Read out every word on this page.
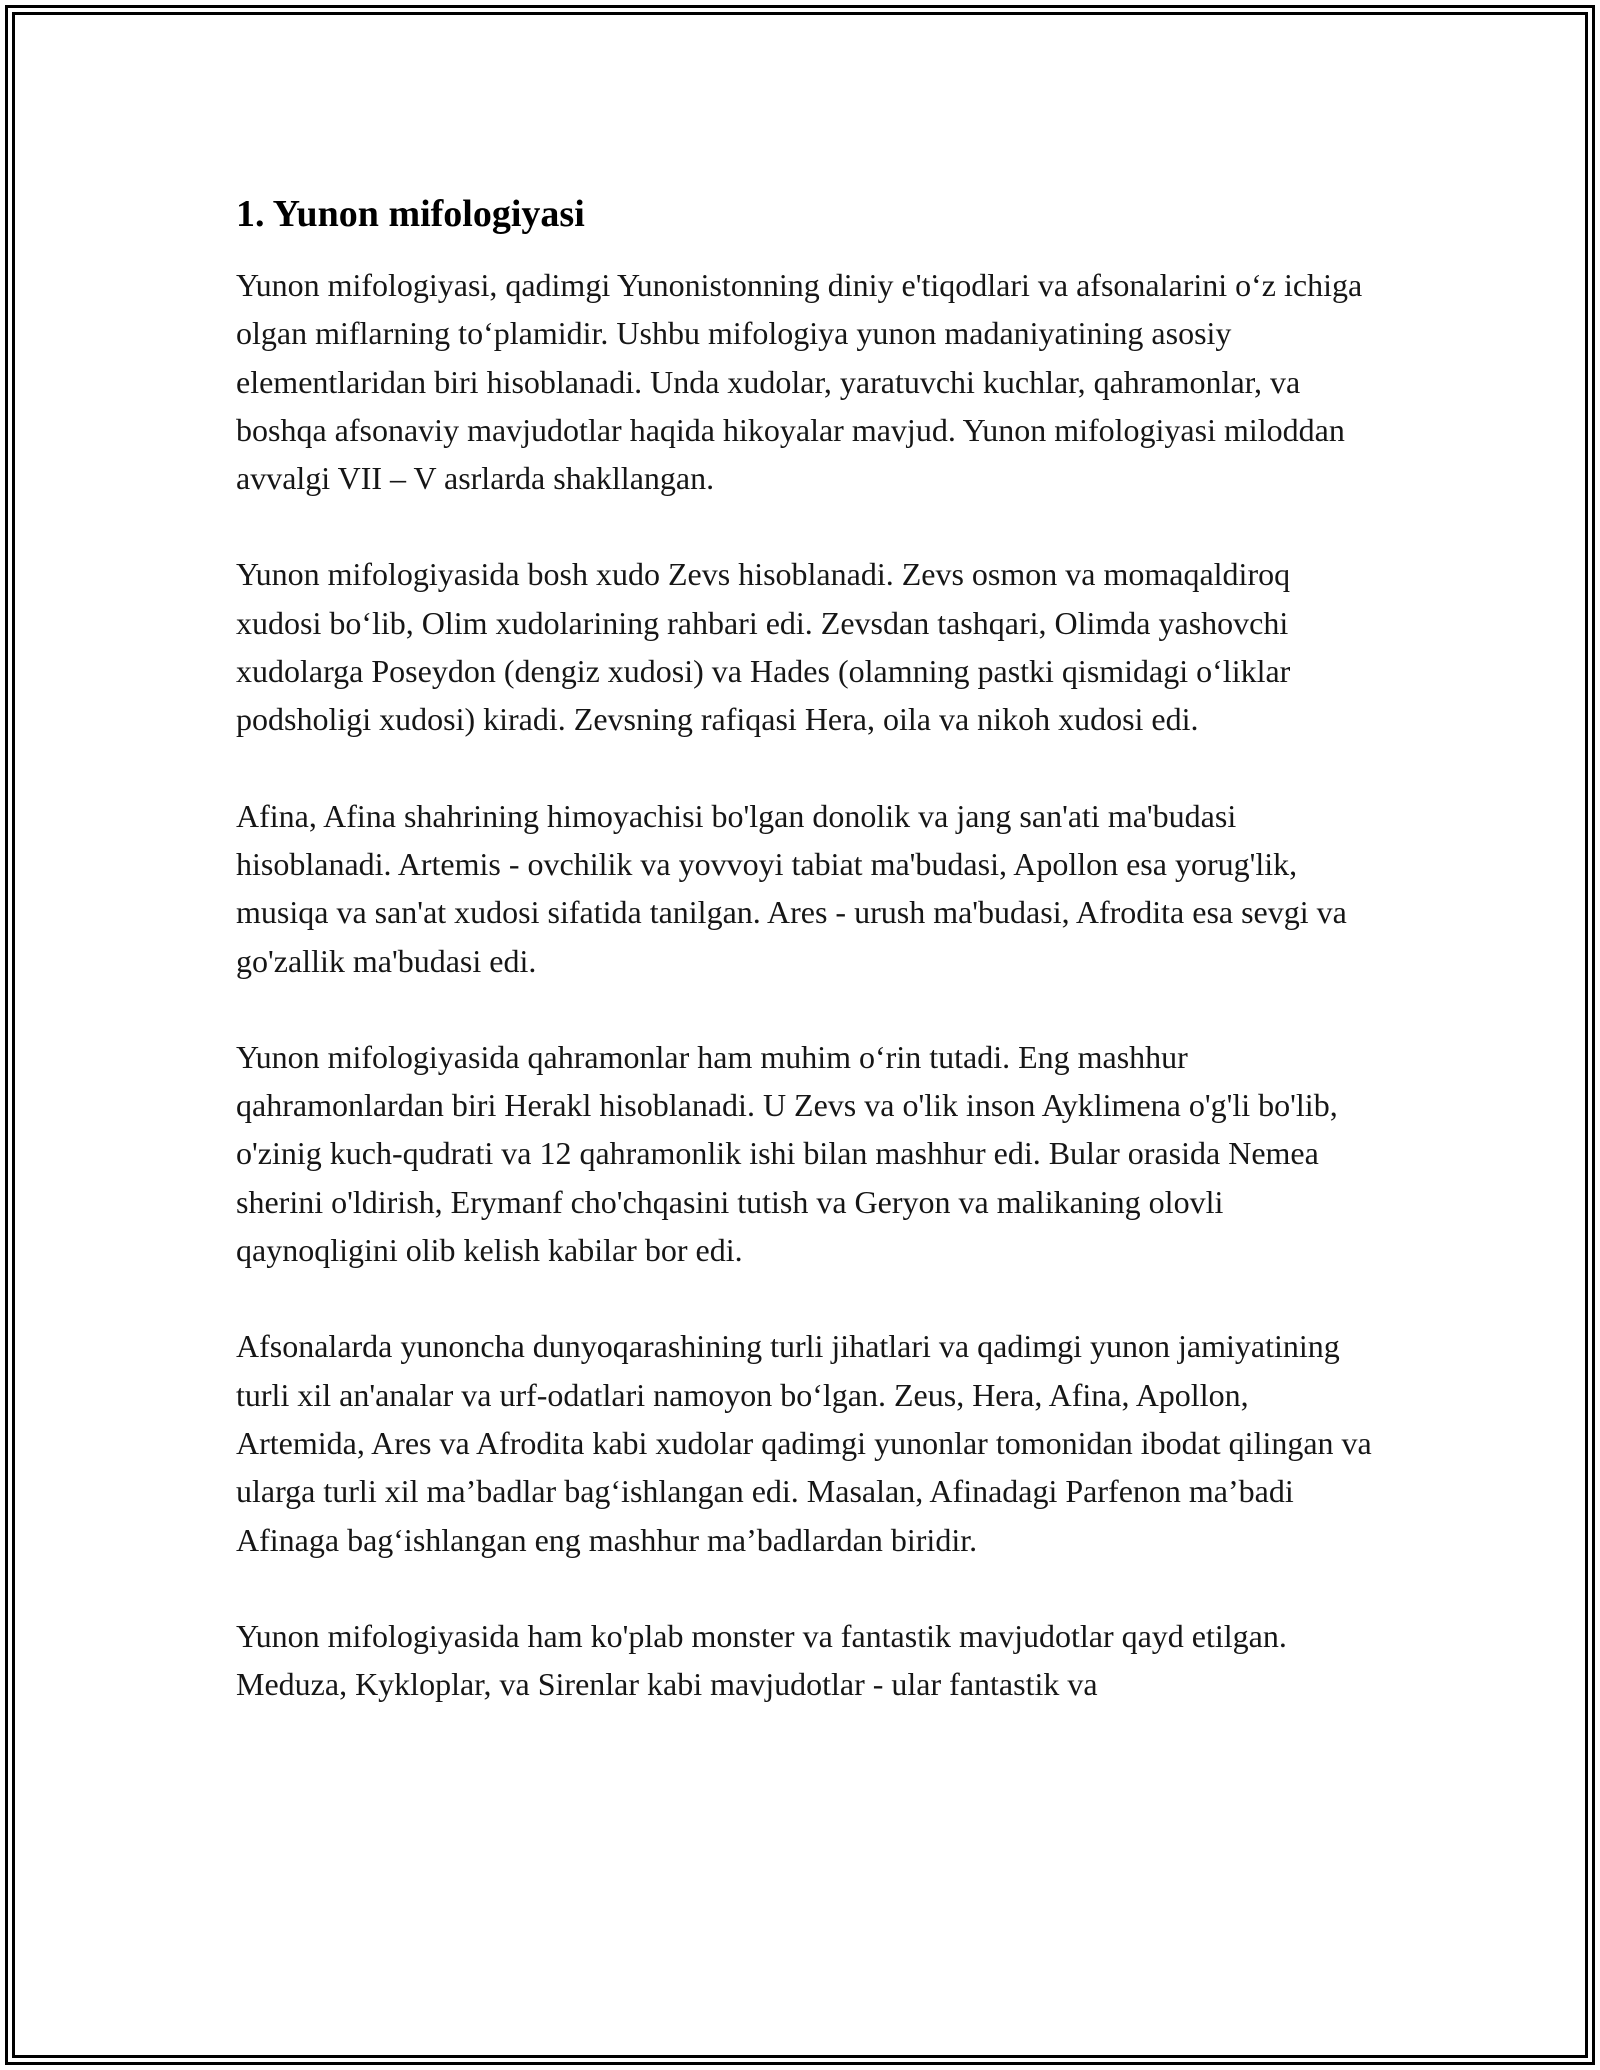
1. Yunon mifologiyasi

Yunon mifologiyasi, qadimgi Yunonistonning diniy e'tiqodlari va afsonalarini o‘z ichiga olgan miflarning to‘plamidir. Ushbu mifologiya yunon madaniyatining asosiy elementlaridan biri hisoblanadi. Unda xudolar, yaratuvchi kuchlar, qahramonlar, va boshqa afsonaviy mavjudotlar haqida hikoyalar mavjud. Yunon mifologiyasi miloddan avvalgi VII – V asrlarda shakllangan.

Yunon mifologiyasida bosh xudo Zevs hisoblanadi. Zevs osmon va momaqaldiroq xudosi bo‘lib, Olim xudolarining rahbari edi. Zevsdan tashqari, Olimda yashovchi xudolarga Poseydon (dengiz xudosi) va Hades (olamning pastki qismidagi o‘liklar podsholigi xudosi) kiradi. Zevsning rafiqasi Hera, oila va nikoh xudosi edi.

Afina, Afina shahrining himoyachisi bo'lgan donolik va jang san'ati ma'budasi hisoblanadi. Artemis - ovchilik va yovvoyi tabiat ma'budasi, Apollon esa yorug'lik, musiqa va san'at xudosi sifatida tanilgan. Ares - urush ma'budasi, Afrodita esa sevgi va go'zallik ma'budasi edi.

Yunon mifologiyasida qahramonlar ham muhim o‘rin tutadi. Eng mashhur qahramonlardan biri Herakl hisoblanadi. U Zevs va o'lik inson Ayklimena o'g'li bo'lib, o'zinig kuch-qudrati va 12 qahramonlik ishi bilan mashhur edi. Bular orasida Nemea sherini o'ldirish, Erymanf cho'chqasini tutish va Geryon va malikaning olovli qaynoqligini olib kelish kabilar bor edi.

Afsonalarda yunoncha dunyoqarashining turli jihatlari va qadimgi yunon jamiyatining turli xil an'analar va urf-odatlari namoyon bo‘lgan. Zeus, Hera, Afina, Apollon, Artemida, Ares va Afrodita kabi xudolar qadimgi yunonlar tomonidan ibodat qilingan va ularga turli xil ma’badlar bag‘ishlangan edi. Masalan, Afinadagi Parfenon ma’badi Afinaga bag‘ishlangan eng mashhur ma’badlardan biridir.

Yunon mifologiyasida ham ko'plab monster va fantastik mavjudotlar qayd etilgan. Meduza, Kykloplar, va Sirenlar kabi mavjudotlar - ular fantastik va
